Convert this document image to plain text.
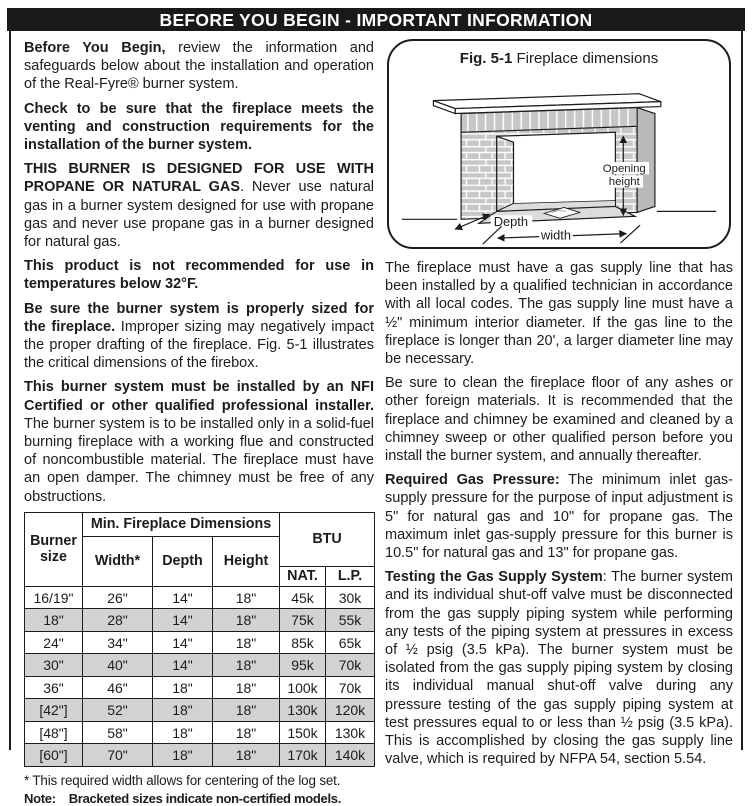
BEFORE YOU BEGIN - IMPORTANT INFORMATION

Before You Begin, review the information and safeguards below about the installation and operation of the Real-Fyre® burner system.

Check to be sure that the fireplace meets the venting and construction requirements for the installation of the burner system.

THIS BURNER IS DESIGNED FOR USE WITH PROPANE OR NATURAL GAS. Never use natural gas in a burner system designed for use with propane gas and never use propane gas in a burner designed for natural gas.

This product is not recommended for use in temperatures below 32°F.

Be sure the burner system is properly sized for the fireplace. Improper sizing may negatively impact the proper drafting of the fireplace. Fig. 5-1 illustrates the critical dimensions of the firebox.

This burner system must be installed by an NFI Certified or other qualified professional installer. The burner system is to be installed only in a solid-fuel burning fireplace with a working flue and constructed of noncombustible material. The fireplace must have an open damper. The chimney must be free of any obstructions.

Burner size	Min. Fireplace Dimensions			BTU	
	Width*	Depth	Height		
				NAT.	L.P.
16/19"	26"	14"	18"	45k	30k
18"	28"	14"	18"	75k	55k
24"	34"	14"	18"	85k	65k
30"	40"	14"	18"	95k	70k
36"	46"	18"	18"	100k	70k
[42"]	52"	18"	18"	130k	120k
[48"]	58"	18"	18"	150k	130k
[60"]	70"	18"	18"	170k	140k
* This required width allows for centering of the log set.
Note: Bracketed sizes indicate non-certified models.
Fig. 5-1 Fireplace dimensions
Opening
height
Depth
width

The fireplace must have a gas supply line that has been installed by a qualified technician in accordance with all local codes. The gas supply line must have a ½" minimum interior diameter. If the gas line to the fireplace is longer than 20', a larger diameter line may be necessary.

Be sure to clean the fireplace floor of any ashes or other foreign materials. It is recommended that the fireplace and chimney be examined and cleaned by a chimney sweep or other qualified person before you install the burner system, and annually thereafter.

Required Gas Pressure: The minimum inlet gas-supply pressure for the purpose of input adjustment is 5" for natural gas and 10" for propane gas. The maximum inlet gas-supply pressure for this burner is 10.5" for natural gas and 13" for propane gas.

Testing the Gas Supply System: The burner system and its individual shut-off valve must be disconnected from the gas supply piping system while performing any tests of the piping system at pressures in excess of ½ psig (3.5 kPa). The burner system must be isolated from the gas supply piping system by closing its individual manual shut-off valve during any pressure testing of the gas supply piping system at test pressures equal to or less than ½ psig (3.5 kPa). This is accomplished by closing the gas supply line valve, which is required by NFPA 54, section 5.54.
